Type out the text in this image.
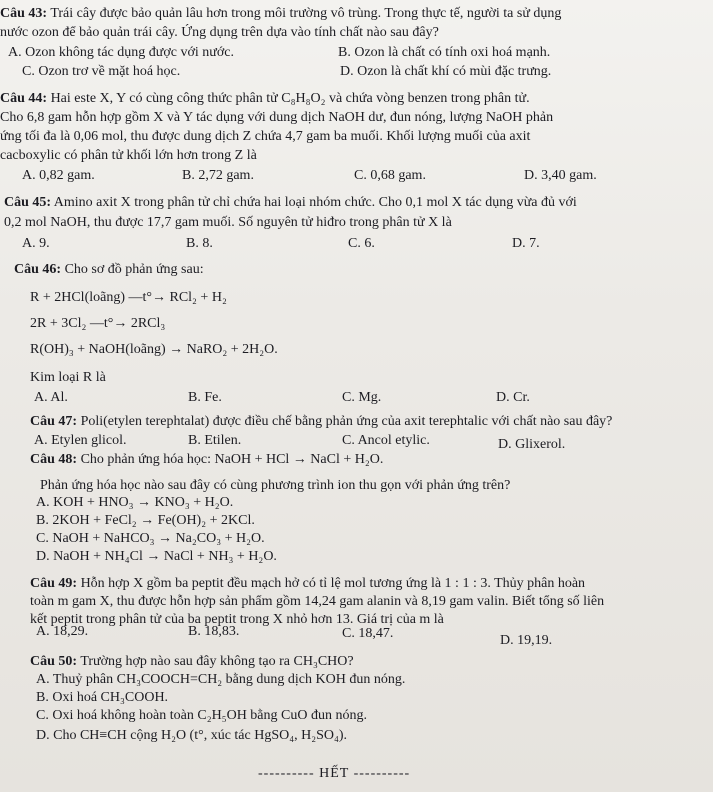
Câu 43: Trái cây được bảo quản lâu hơn trong môi trường vô trùng. Trong thực tế, người ta sử dụng
nước ozon để bảo quản trái cây. Ứng dụng trên dựa vào tính chất nào sau đây?
A. Ozon không tác dụng được với nước.	B. Ozon là chất có tính oxi hoá mạnh.
C. Ozon trơ về mặt hoá học.	D. Ozon là chất khí có mùi đặc trưng.
Câu 44: Hai este X, Y có cùng công thức phân tử C₈H₈O₂ và chứa vòng benzen trong phân tử.
Cho 6,8 gam hỗn hợp gồm X và Y tác dụng với dung dịch NaOH dư, đun nóng, lượng NaOH phản
ứng tối đa là 0,06 mol, thu được dung dịch Z chứa 4,7 gam ba muối. Khối lượng muối của axit
cacboxylic có phân tử khối lớn hơn trong Z là
A. 0,82 gam.	B. 2,72 gam.	C. 0,68 gam.	D. 3,40 gam.
Câu 45: Amino axit X trong phân tử chỉ chứa hai loại nhóm chức. Cho 0,1 mol X tác dụng vừa đủ với
0,2 mol NaOH, thu được 17,7 gam muối. Số nguyên tử hiđro trong phân tử X là
A. 9.	B. 8.	C. 6.	D. 7.
Câu 46: Cho sơ đồ phản ứng sau:
R + 2HCl(loãng) —t°→ RCl₂ + H₂
2R + 3Cl₂ —t°→ 2RCl₃
R(OH)₃ + NaOH(loãng) → NaRO₂ + 2H₂O.
Kim loại R là
A. Al.	B. Fe.	C. Mg.	D. Cr.
Câu 47: Poli(etylen terephtalat) được điều chế bằng phản ứng của axit terephtalic với chất nào sau đây?
A. Etylen glicol.	B. Etilen.	C. Ancol etylic.	D. Glixerol.
Câu 48: Cho phản ứng hóa học: NaOH + HCl → NaCl + H₂O.
Phản ứng hóa học nào sau đây có cùng phương trình ion thu gọn với phản ứng trên?
A. KOH + HNO₃ → KNO₃ + H₂O.
B. 2KOH + FeCl₂ → Fe(OH)₂ + 2KCl.
C. NaOH + NaHCO₃ → Na₂CO₃ + H₂O.
D. NaOH + NH₄Cl → NaCl + NH₃ + H₂O.
Câu 49: Hỗn hợp X gồm ba peptit đều mạch hở có tỉ lệ mol tương ứng là 1 : 1 : 3. Thủy phân hoàn
toàn m gam X, thu được hỗn hợp sản phẩm gồm 14,24 gam alanin và 8,19 gam valin. Biết tổng số liên
kết peptit trong phân tử của ba peptit trong X nhỏ hơn 13. Giá trị của m là
A. 18,29.	B. 18,83.	C. 18,47.	D. 19,19.
Câu 50: Trường hợp nào sau đây không tạo ra CH₃CHO?
A. Thuỷ phân CH₃COOCH=CH₂ bằng dung dịch KOH đun nóng.
B. Oxi hoá CH₃COOH.
C. Oxi hoá không hoàn toàn C₂H₅OH bằng CuO đun nóng.
D. Cho CH≡CH cộng H₂O (t°, xúc tác HgSO₄, H₂SO₄).
---------- HẾT ----------
